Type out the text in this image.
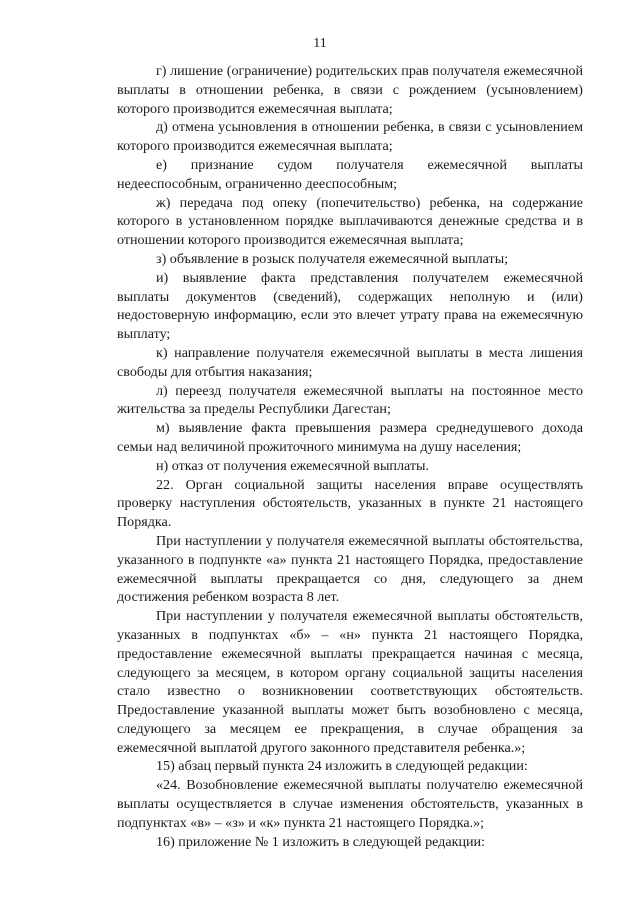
11

г) лишение (ограничение) родительских прав получателя ежемесячной выплаты в отношении ребенка, в связи с рождением (усыновлением) которого производится ежемесячная выплата;

д) отмена усыновления в отношении ребенка, в связи с усыновлением которого производится ежемесячная выплата;

е) признание судом получателя ежемесячной выплаты недееспособным, ограниченно дееспособным;

ж) передача под опеку (попечительство) ребенка, на содержание которого в установленном порядке выплачиваются денежные средства и в отношении которого производится ежемесячная выплата;

з) объявление в розыск получателя ежемесячной выплаты;

и) выявление факта представления получателем ежемесячной выплаты документов (сведений), содержащих неполную и (или) недостоверную информацию, если это влечет утрату права на ежемесячную выплату;

к) направление получателя ежемесячной выплаты в места лишения свободы для отбытия наказания;

л) переезд получателя ежемесячной выплаты на постоянное место жительства за пределы Республики Дагестан;

м) выявление факта превышения размера среднедушевого дохода семьи над величиной прожиточного минимума на душу населения;

н) отказ от получения ежемесячной выплаты.

22. Орган социальной защиты населения вправе осуществлять проверку наступления обстоятельств, указанных в пункте 21 настоящего Порядка.

При наступлении у получателя ежемесячной выплаты обстоятельства, указанного в подпункте «а» пункта 21 настоящего Порядка, предоставление ежемесячной выплаты прекращается со дня, следующего за днем достижения ребенком возраста 8 лет.

При наступлении у получателя ежемесячной выплаты обстоятельств, указанных в подпунктах «б» – «н» пункта 21 настоящего Порядка, предоставление ежемесячной выплаты прекращается начиная с месяца, следующего за месяцем, в котором органу социальной защиты населения стало известно о возникновении соответствующих обстоятельств. Предоставление указанной выплаты может быть возобновлено с месяца, следующего за месяцем ее прекращения, в случае обращения за ежемесячной выплатой другого законного представителя ребенка.»;

15) абзац первый пункта 24 изложить в следующей редакции:

«24. Возобновление ежемесячной выплаты получателю ежемесячной выплаты осуществляется в случае изменения обстоятельств, указанных в подпунктах «в» – «з» и «к» пункта 21 настоящего Порядка.»;

16) приложение № 1 изложить в следующей редакции:
